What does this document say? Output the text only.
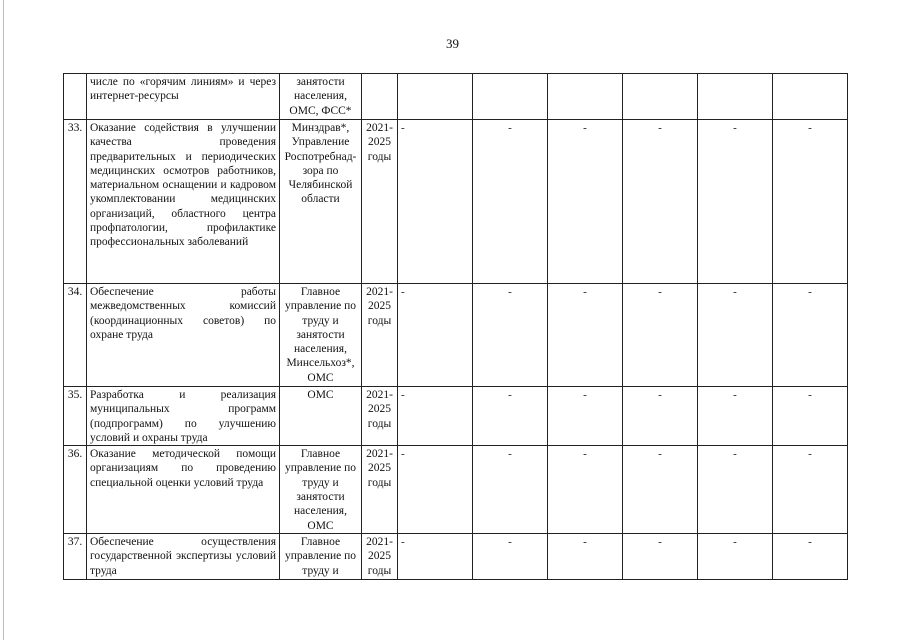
39
	числе по «горячим линиям» и через интернет-ресурсы	занятости населения, ОМС, ФСС*							
33.	Оказание содействия в улучшении качества проведения предварительных и периодических медицинских осмотров работников, материальном оснащении и кадровом укомплектовании медицинских организаций, областного центра профпатологии, профилактике профессиональных заболеваний	Минздрав*, Управление Роспотребнад-зора по Челябинской области	2021-2025 годы	-	-	-	-	-	-
34.	Обеспечение работы межведомственных комиссий (координационных советов) по охране труда	Главное управление по труду и занятости населения, Минсельхоз*, ОМС	2021-2025 годы	-	-	-	-	-	-
35.	Разработка и реализация муниципальных программ (подпрограмм) по улучшению условий и охраны труда	ОМС	2021-2025 годы	-	-	-	-	-	-
36.	Оказание методической помощи организациям по проведению специальной оценки условий труда	Главное управление по труду и занятости населения, ОМС	2021-2025 годы	-	-	-	-	-	-
37.	Обеспечение осуществления государственной экспертизы условий труда	Главное управление по труду и	2021-2025 годы	-	-	-	-	-	-
